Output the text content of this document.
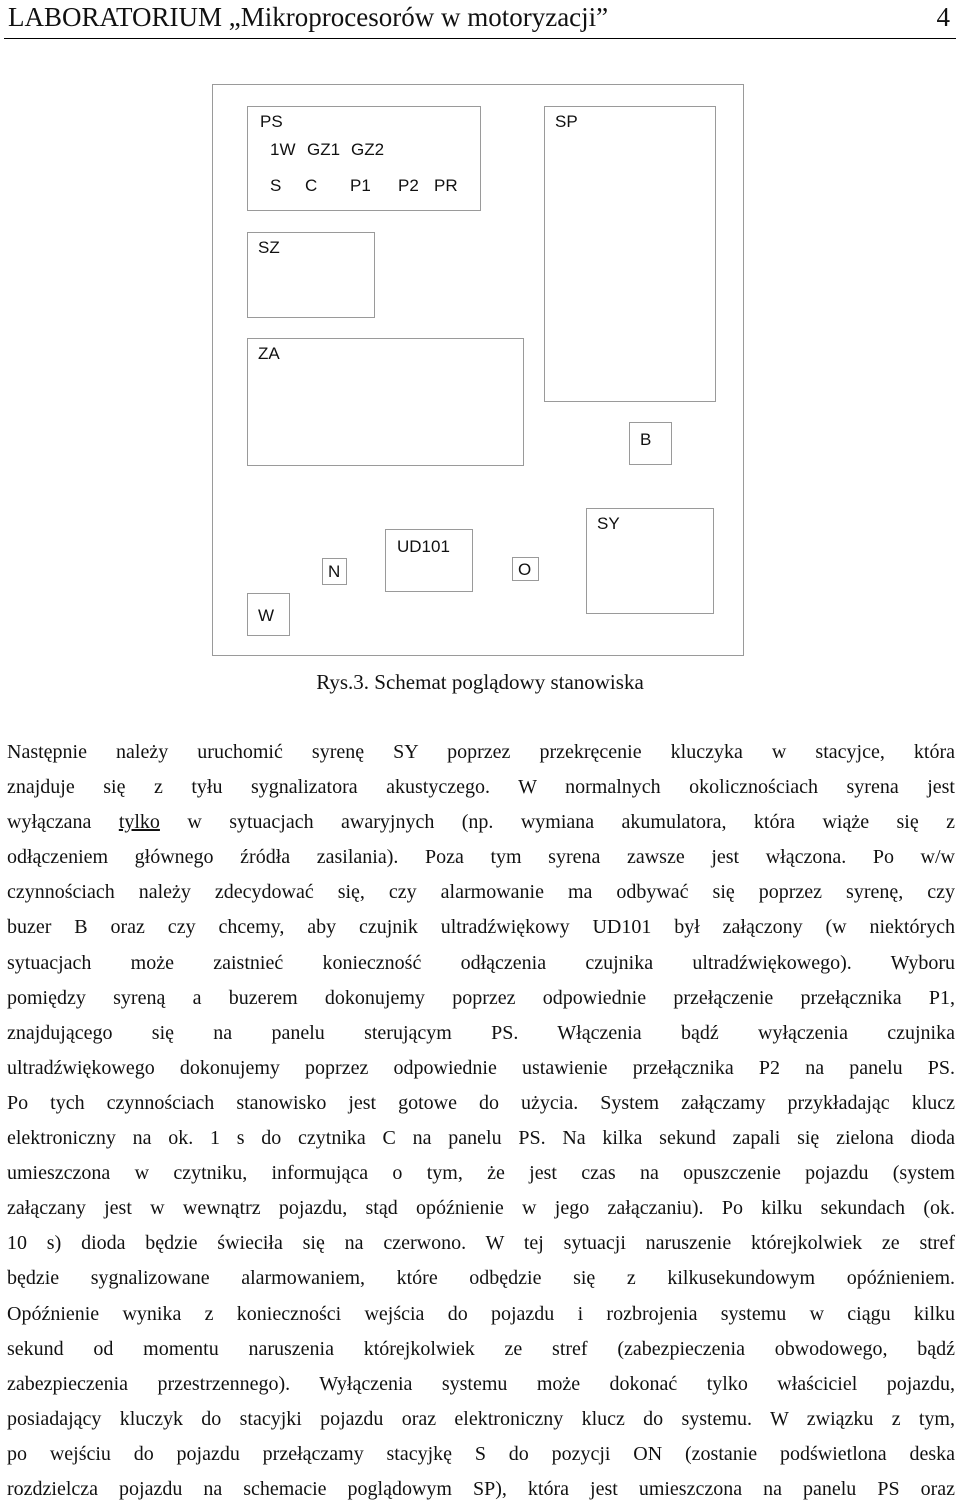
LABORATORIUM „Mikroprocesorów w motoryzacji”	4
PS
1W GZ1 GZ2
S C P1 P2 PR
SP
SZ
ZA
B
SY
UD101
N	O
W
Rys.3. Schemat poglądowy stanowiska
Następnie należy uruchomić syrenę SY poprzez przekręcenie kluczyka w stacyjce, która
znajduje się z tyłu sygnalizatora akustyczego. W normalnych okolicznościach syrena jest
wyłączana tylko w sytuacjach awaryjnych (np. wymiana akumulatora, która wiąże się z
odłączeniem głównego źródła zasilania). Poza tym syrena zawsze jest włączona. Po w/w
czynnościach należy zdecydować się, czy alarmowanie ma odbywać się poprzez syrenę, czy
buzer B oraz czy chcemy, aby czujnik ultradźwiękowy UD101 był załączony (w niektórych
sytuacjach może zaistnieć konieczność odłączenia czujnika ultradźwiękowego). Wyboru
pomiędzy syreną a buzerem dokonujemy poprzez odpowiednie przełączenie przełącznika P1,
znajdującego się na panelu sterującym PS. Włączenia bądź wyłączenia czujnika
ultradźwiękowego dokonujemy poprzez odpowiednie ustawienie przełącznika P2 na panelu PS.
Po tych czynnościach stanowisko jest gotowe do użycia. System załączamy przykładając klucz
elektroniczny na ok. 1 s do czytnika C na panelu PS. Na kilka sekund zapali się zielona dioda
umieszczona w czytniku, informująca o tym, że jest czas na opuszczenie pojazdu (system
załączany jest w wewnątrz pojazdu, stąd opóźnienie w jego załączaniu). Po kilku sekundach (ok.
10 s) dioda będzie świeciła się na czerwono. W tej sytuacji naruszenie którejkolwiek ze stref
będzie sygnalizowane alarmowaniem, które odbędzie się z kilkusekundowym opóźnieniem.
Opóźnienie wynika z konieczności wejścia do pojazdu i rozbrojenia systemu w ciągu kilku
sekund od momentu naruszenia którejkolwiek ze stref (zabezpieczenia obwodowego, bądź
zabezpieczenia przestrzennego). Wyłączenia systemu może dokonać tylko właściciel pojazdu,
posiadający kluczyk do stacyjki pojazdu oraz elektroniczny klucz do systemu. W związku z tym,
po wejściu do pojazdu przełączamy stacyjkę S do pozycji ON (zostanie podświetlona deska
rozdzielcza pojazdu na schemacie poglądowym SP), która jest umieszczona na panelu PS oraz
